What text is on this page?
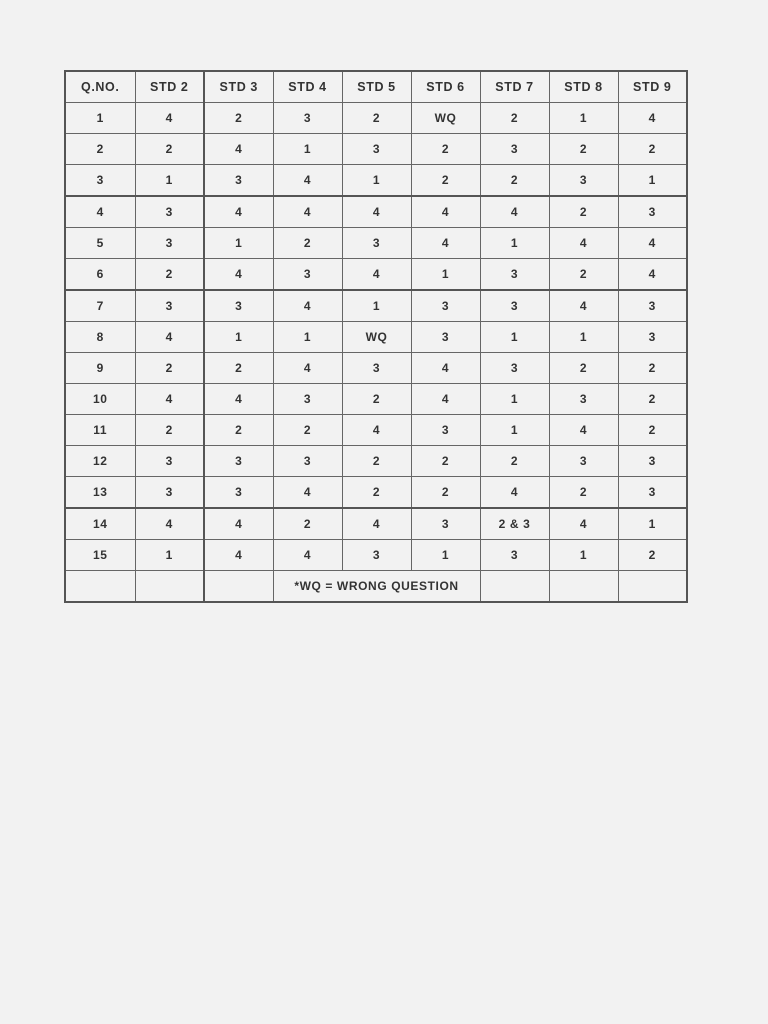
Q.NO.	STD 2	STD 3	STD 4	STD 5	STD 6	STD 7	STD 8	STD 9
1	4	2	3	2	WQ	2	1	4
2	2	4	1	3	2	3	2	2
3	1	3	4	1	2	2	3	1
4	3	4	4	4	4	4	2	3
5	3	1	2	3	4	1	4	4
6	2	4	3	4	1	3	2	4
7	3	3	4	1	3	3	4	3
8	4	1	1	WQ	3	1	1	3
9	2	2	4	3	4	3	2	2
10	4	4	3	2	4	1	3	2
11	2	2	2	4	3	1	4	2
12	3	3	3	2	2	2	3	3
13	3	3	4	2	2	4	2	3
14	4	4	2	4	3	2 & 3	4	1
15	1	4	4	3	1	3	1	2
			*WQ = WRONG QUESTION					
